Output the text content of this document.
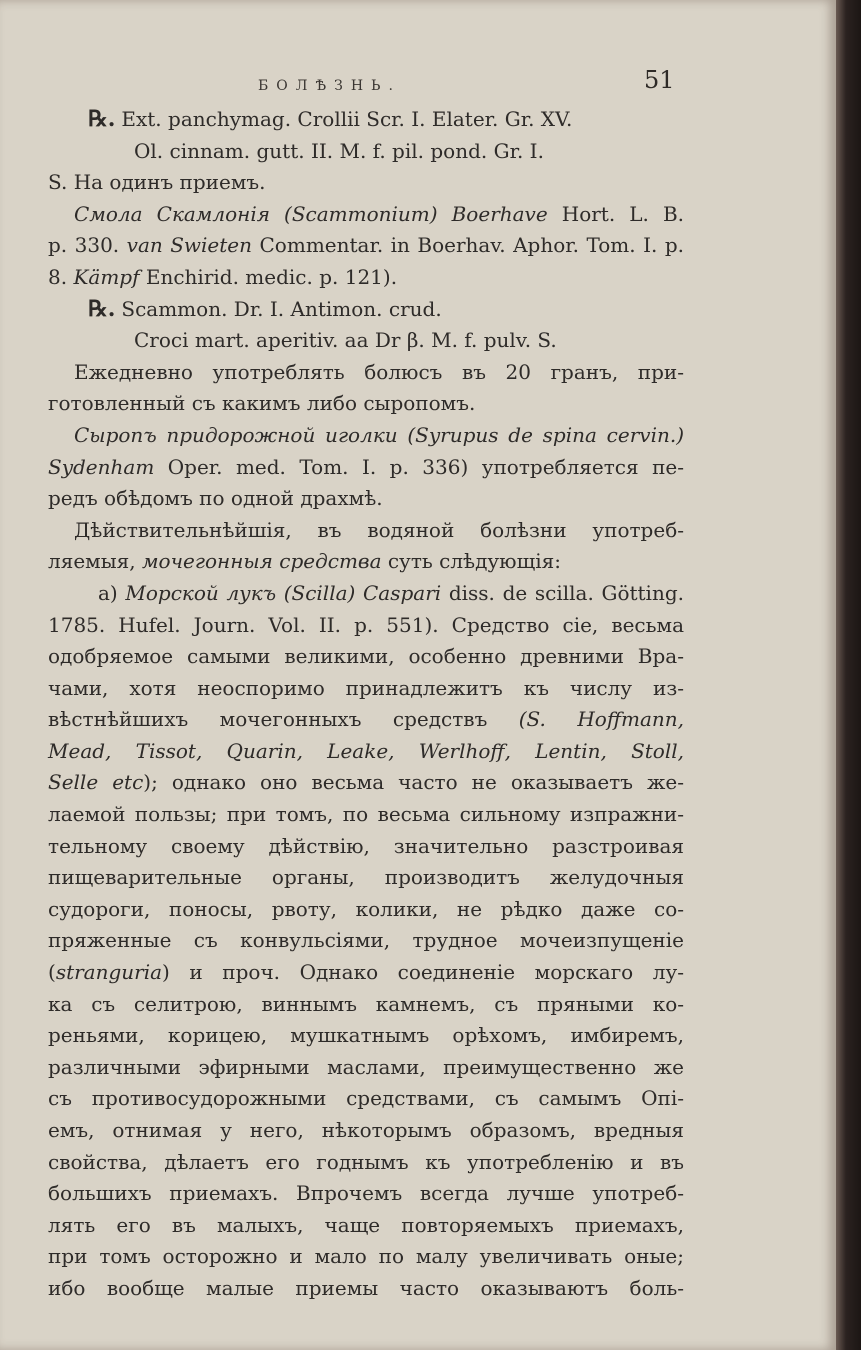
БОЛѢЗНЬ.	51
℞. Ext. panchymag. Crollii Scr. I. Elater. Gr. XV.
Ol. cinnam. gutt. II. M. f. pil. pond. Gr. I.
S. На одинъ приемъ.
Смола Скамлонія (Scammonium) Boerhave Hort. L. B.
p. 330. van Swieten Commentar. in Boerhav. Aphor. Tom. I. p.
8. Kämpf Enchirid. medic. p. 121).
℞. Scammon. Dr. I. Antimon. crud.
Croci mart. aperitiv. aa Dr β. M. f. pulv. S.
Ежедневно употреблять болюсъ въ 20 гранъ, при-
готовленный съ какимъ либо сыропомъ.
Сыропъ придорожной иголки (Syrupus de spina cervin.)
Sydenham Oper. med. Tom. I. p. 336) употребляется пе-
редъ обѣдомъ по одной драхмѣ.
Дѣйствительнѣйшія, въ водяной болѣзни употреб-
ляемыя, мочегонныя средства суть слѣдующія:
a) Морской лукъ (Scilla) Caspari diss. de scilla. Götting.
1785. Hufel. Journ. Vol. II. p. 551). Средство сіе, весьма
одобряемое самыми великими, особенно древними Вра-
чами, хотя неоспоримо принадлежитъ къ числу из-
вѣстнѣйшихъ мочегонныхъ средствъ (S. Hoffmann,
Mead, Tissot, Quarin, Leake, Werlhoff, Lentin, Stoll,
Selle etc); однако оно весьма часто не оказываетъ же-
лаемой пользы; при томъ, по весьма сильному изпражни-
тельному своему дѣйствію, значительно разстроивая
пищеварительные органы, производитъ желудочныя
судороги, поносы, рвоту, колики, не рѣдко даже со-
пряженные съ конвульсіями, трудное мочеизпущеніе
(stranguria) и проч. Однако соединеніе морскаго лу-
ка съ селитрою, виннымъ камнемъ, съ пряными ко-
реньями, корицею, мушкатнымъ орѣхомъ, имбиремъ,
различными эфирными маслами, преимущественно же
съ противосудорожными средствами, съ самымъ Опі-
емъ, отнимая у него, нѣкоторымъ образомъ, вредныя
свойства, дѣлаетъ его годнымъ къ употребленію и въ
большихъ приемахъ. Впрочемъ всегда лучше употреб-
лять его въ малыхъ, чаще повторяемыхъ приемахъ,
при томъ осторожно и мало по малу увеличивать оные;
ибо вообще малые приемы часто оказываютъ боль-
